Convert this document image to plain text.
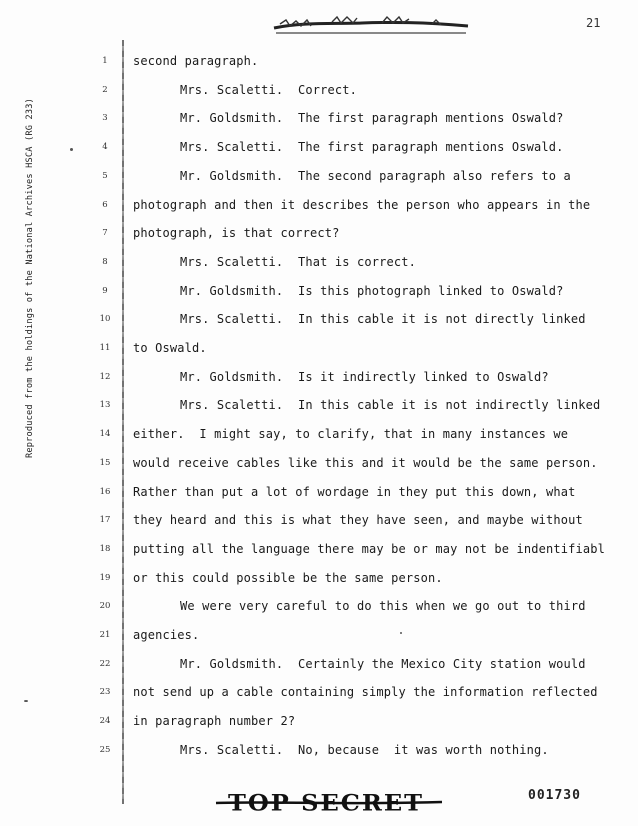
21
Reproduced from the holdings of the National Archives HSCA (RG 233)
1	second paragraph.
2	Mrs. Scaletti.  Correct.
3	Mr. Goldsmith.  The first paragraph mentions Oswald?
4	Mrs. Scaletti.  The first paragraph mentions Oswald.
5	Mr. Goldsmith.  The second paragraph also refers to a
6	photograph and then it describes the person who appears in the
7	photograph, is that correct?
8	Mrs. Scaletti.  That is correct.
9	Mr. Goldsmith.  Is this photograph linked to Oswald?
10	Mrs. Scaletti.  In this cable it is not directly linked
11 to Oswald.
12	Mr. Goldsmith.  Is it indirectly linked to Oswald?
13	Mrs. Scaletti.  In this cable it is not indirectly linked
14 either.  I might say, to clarify, that in many instances we
15 would receive cables like this and it would be the same person.
16 Rather than put a lot of wordage in they put this down, what
17 they heard and this is what they have seen, and maybe without
18 putting all the language there may be or may not be indentifiabl
19 or this could possible be the same person.
20	We were very careful to do this when we go out to third
21 agencies.
22	Mr. Goldsmith.  Certainly the Mexico City station would
23 not send up a cable containing simply the information reflected
24 in paragraph number 2?
25	Mrs. Scaletti.  No, because  it was worth nothing.
TOP SECRET	001730
